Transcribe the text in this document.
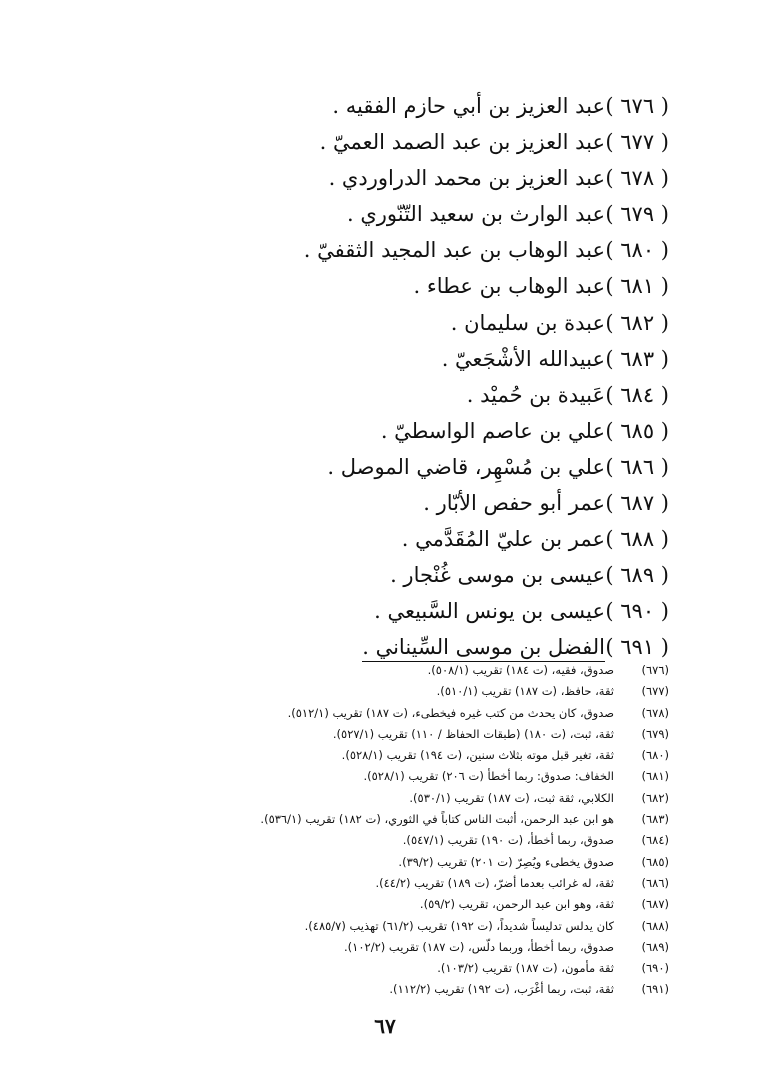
( ٦٧٦ )عبد العزيز بن أبي حازم الفقيه .
( ٦٧٧ )عبد العزيز بن عبد الصمد العميّ .
( ٦٧٨ )عبد العزيز بن محمد الدراوردي .
( ٦٧٩ )عبد الوارث بن سعيد التّنّوري .
( ٦٨٠ )عبد الوهاب بن عبد المجيد الثقفيّ .
( ٦٨١ )عبد الوهاب بن عطاء .
( ٦٨٢ )عبدة بن سليمان .
( ٦٨٣ )عبيدالله الأشْجَعيّ .
( ٦٨٤ )عَبيدة بن حُميْد .
( ٦٨٥ )علي بن عاصم الواسطيّ .
( ٦٨٦ )علي بن مُسْهِر، قاضي الموصل .
( ٦٨٧ )عمر أبو حفص الأبّار .
( ٦٨٨ )عمر بن عليّ المُقَدَّمي .
( ٦٨٩ )عيسى بن موسى غُنْجار .
( ٦٩٠ )عيسى بن يونس السَّبيعي .
( ٦٩١ )الفضل بن موسى السِّيناني .
(٦٧٦)صدوق، فقيه، (ت ١٨٤) تقريب (٥٠٨/١).
(٦٧٧)ثقة، حافظ، (ت ١٨٧) تقريب (٥١٠/١).
(٦٧٨)صدوق، كان يحدث من كتب غيره فيخطىء، (ت ١٨٧) تقريب (٥١٢/١).
(٦٧٩)ثقة، ثبت، (ت ١٨٠) (طبقات الحفاظ / ١١٠) تقريب (٥٢٧/١).
(٦٨٠)ثقة، تغير قبل موته بثلاث سنين، (ت ١٩٤) تقريب (٥٢٨/١).
(٦٨١)الخفاف: صدوق: ربما أخطأ (ت ٢٠٦) تقريب (٥٢٨/١).
(٦٨٢)الكلابي، ثقة ثبت، (ت ١٨٧) تقريب (٥٣٠/١).
(٦٨٣)هو ابن عبد الرحمن، أثبت الناس كتاباً في الثوري، (ت ١٨٢) تقريب (٥٣٦/١).
(٦٨٤)صدوق، ربما أخطأ، (ت ١٩٠) تقريب (٥٤٧/١).
(٦٨٥)صدوق يخطىء ويُصِرّ (ت ٢٠١) تقريب (٣٩/٢).
(٦٨٦)ثقة، له غرائب بعدما أضرّ، (ت ١٨٩) تقريب (٤٤/٢).
(٦٨٧)ثقة، وهو ابن عبد الرحمن، تقريب (٥٩/٢).
(٦٨٨)كان يدلس تدليساً شديداً، (ت ١٩٢) تقريب (٦١/٢) تهذيب (٤٨٥/٧).
(٦٨٩)صدوق، ربما أخطأ، وربما دلّس، (ت ١٨٧) تقريب (١٠٢/٢).
(٦٩٠)ثقة مأمون، (ت ١٨٧) تقريب (١٠٣/٢).
(٦٩١)ثقة، ثبت، ربما أغْرَب، (ت ١٩٢) تقريب (١١٢/٢).
٦٧
